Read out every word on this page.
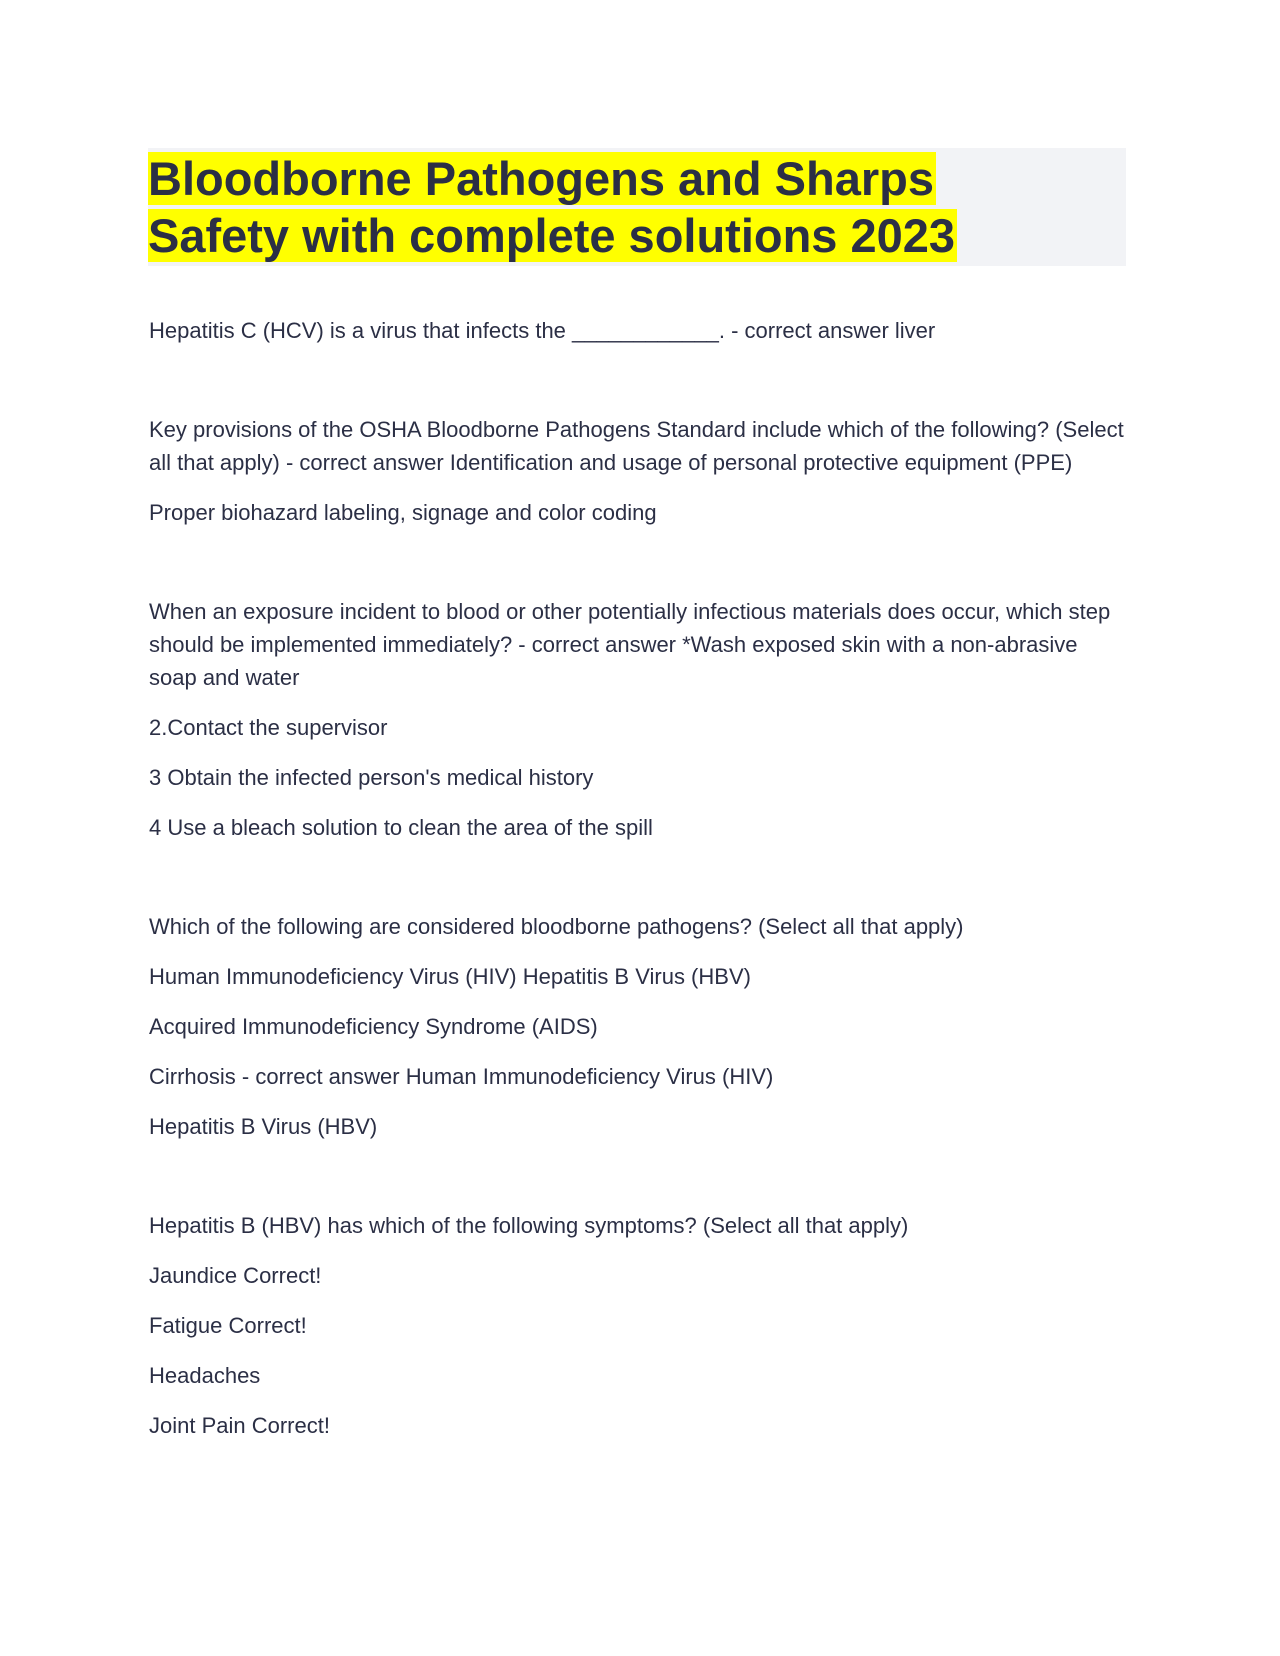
Bloodborne Pathogens and Sharps
Safety with complete solutions 2023

Hepatitis C (HCV) is a virus that infects the ____________. - correct answer liver

Key provisions of the OSHA Bloodborne Pathogens Standard include which of the following? (Select all that apply) - correct answer Identification and usage of personal protective equipment (PPE)

Proper biohazard labeling, signage and color coding

When an exposure incident to blood or other potentially infectious materials does occur, which step should be implemented immediately? - correct answer *Wash exposed skin with a non-abrasive soap and water

2.Contact the supervisor

3 Obtain the infected person's medical history

4 Use a bleach solution to clean the area of the spill

Which of the following are considered bloodborne pathogens? (Select all that apply)

Human Immunodeficiency Virus (HIV) Hepatitis B Virus (HBV)

Acquired Immunodeficiency Syndrome (AIDS)

Cirrhosis - correct answer Human Immunodeficiency Virus (HIV)

Hepatitis B Virus (HBV)

Hepatitis B (HBV) has which of the following symptoms? (Select all that apply)

Jaundice Correct!

Fatigue Correct!

Headaches

Joint Pain Correct!
